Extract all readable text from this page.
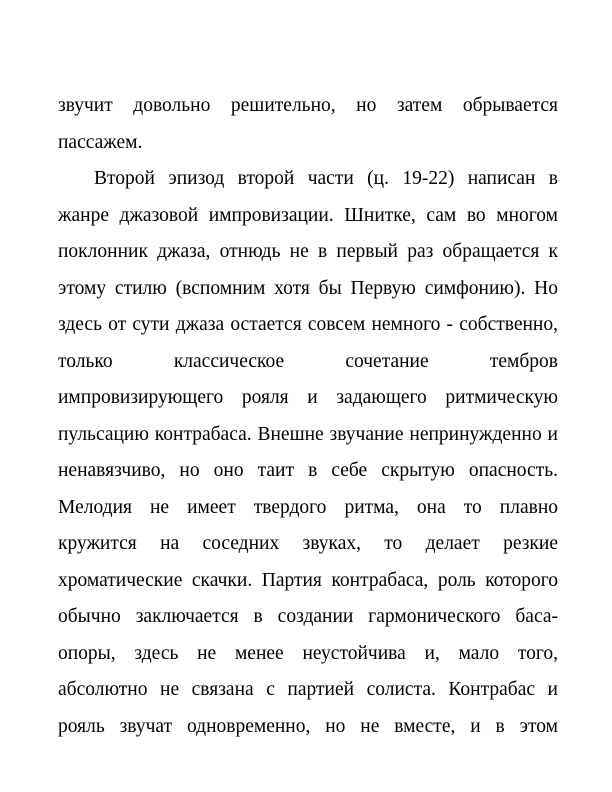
звучит довольно решительно, но затем обрывается
пассажем.
Второй эпизод второй части (ц. 19-22) написан в
жанре джазовой импровизации. Шнитке, сам во многом
поклонник джаза, отнюдь не в первый раз обращается к
этому стилю (вспомним хотя бы Первую симфонию). Но
здесь от сути джаза остается совсем немного - собственно,
только классическое сочетание тембров
импровизирующего рояля и задающего ритмическую
пульсацию контрабаса. Внешне звучание непринужденно и
ненавязчиво, но оно таит в себе скрытую опасность.
Мелодия не имеет твердого ритма, она то плавно
кружится на соседних звуках, то делает резкие
хроматические скачки. Партия контрабаса, роль которого
обычно заключается в создании гармонического баса-
опоры, здесь не менее неустойчива и, мало того,
абсолютно не связана с партией солиста. Контрабас и
рояль звучат одновременно, но не вместе, и в этом
